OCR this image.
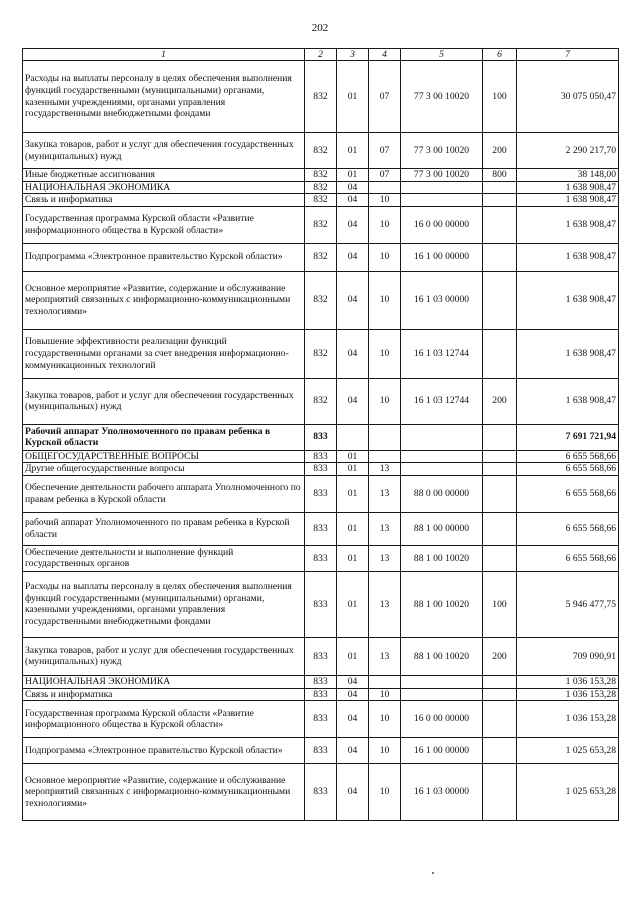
202
1	2	3	4	5	6	7
Расходы на выплаты персоналу в целях обеспечения выполнения функций государственными (муниципальными) органами, казенными учреждениями, органами управления государственными внебюджетными фондами	832	01	07	77 3 00 10020	100	30 075 050,47
Закупка товаров, работ и услуг для обеспечения государственных (муниципальных) нужд	832	01	07	77 3 00 10020	200	2 290 217,70
Иные бюджетные ассигнования	832	01	07	77 3 00 10020	800	38 148,00
НАЦИОНАЛЬНАЯ ЭКОНОМИКА	832	04				1 638 908,47
Связь и информатика	832	04	10			1 638 908,47
Государственная программа Курской области «Развитие информационного общества в Курской области»	832	04	10	16 0 00 00000		1 638 908,47
Подпрограмма «Электронное правительство Курской области»	832	04	10	16 1 00 00000		1 638 908,47
Основное мероприятие «Развитие, содержание и обслуживание мероприятий связанных с информационно-коммуникационными технологиями»	832	04	10	16 1 03 00000		1 638 908,47
Повышение эффективности реализации функций государственными органами за счет внедрения информационно-коммуникационных технологий	832	04	10	16 1 03 12744		1 638 908,47
Закупка товаров, работ и услуг для обеспечения государственных (муниципальных) нужд	832	04	10	16 1 03 12744	200	1 638 908,47
Рабочий аппарат Уполномоченного по правам ребенка в Курской области	833					7 691 721,94
ОБЩЕГОСУДАРСТВЕННЫЕ ВОПРОСЫ	833	01				6 655 568,66
Другие общегосударственные вопросы	833	01	13			6 655 568,66
Обеспечение деятельности рабочего аппарата Уполномоченного по правам ребенка в Курской области	833	01	13	88 0 00 00000		6 655 568,66
рабочий аппарат Уполномоченного по правам ребенка в Курской области	833	01	13	88 1 00 00000		6 655 568,66
Обеспечение деятельности и выполнение функций государственных органов	833	01	13	88 1 00 10020		6 655 568,66
Расходы на выплаты персоналу в целях обеспечения выполнения функций государственными (муниципальными) органами, казенными учреждениями, органами управления государственными внебюджетными фондами	833	01	13	88 1 00 10020	100	5 946 477,75
Закупка товаров, работ и услуг для обеспечения государственных (муниципальных) нужд	833	01	13	88 1 00 10020	200	709 090,91
НАЦИОНАЛЬНАЯ ЭКОНОМИКА	833	04				1 036 153,28
Связь и информатика	833	04	10			1 036 153,28
Государственная программа Курской области «Развитие информационного общества в Курской области»	833	04	10	16 0 00 00000		1 036 153,28
Подпрограмма «Электронное правительство Курской области»	833	04	10	16 1 00 00000		1 025 653,28
Основное мероприятие «Развитие, содержание и обслуживание мероприятий связанных с информационно-коммуникационными технологиями»	833	04	10	16 1 03 00000		1 025 653,28
